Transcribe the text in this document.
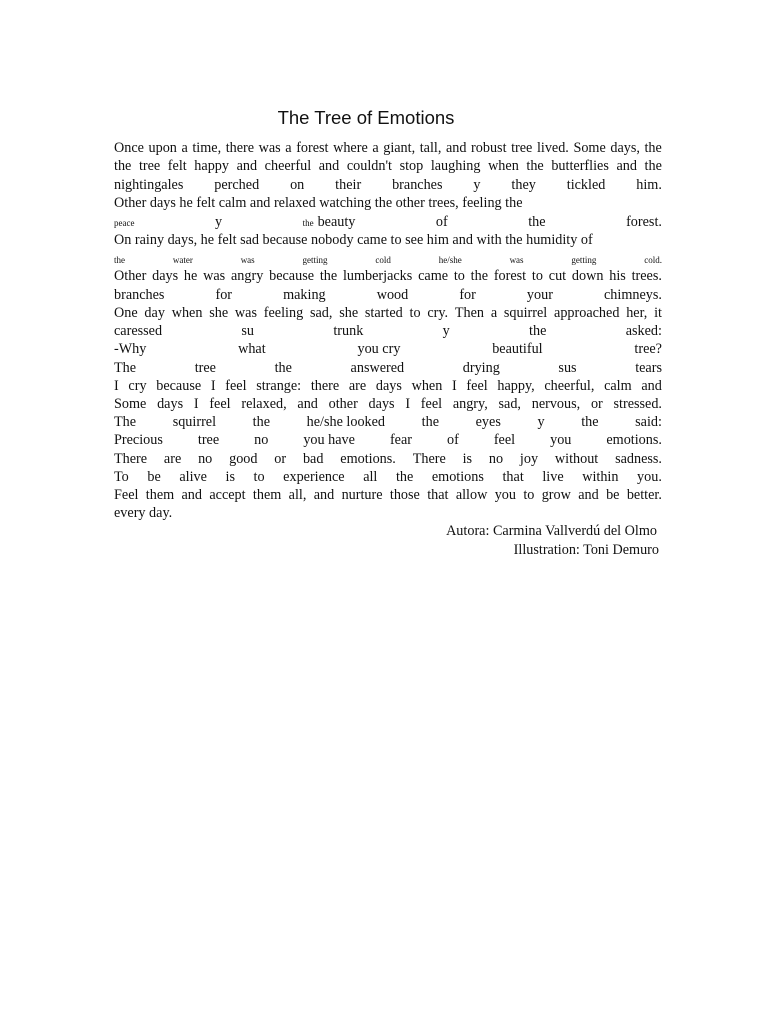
The Tree of Emotions
Once upon a time, there was a forest where a giant, tall, and robust tree lived. Some days, the
the tree felt happy and cheerful and couldn't stop laughing when the butterflies and the
nightingales perched on their branches y they tickled him.
Other days he felt calm and relaxed watching the other trees, feeling the
peace	y	the beauty	of	the	forest.
On rainy days, he felt sad because nobody came to see him and with the humidity of
the	water	was	getting	cold	he/she	was	getting	cold.
Other days he was angry because the lumberjacks came to the forest to cut down his trees.
branches	for	making	wood	for	your	chimneys.
One day when she was feeling sad, she started to cry. Then a squirrel approached her, it
caressed	su	trunk	y	the	asked:
-Why	what	you cry	beautiful	tree?
The	tree	the	answered	drying	sus	tears
I cry because I feel strange: there are days when I feel happy, cheerful, calm and
Some days I feel relaxed, and other days I feel angry, sad, nervous, or stressed.
The	squirrel	the	he/she looked	the	eyes	y	the	said:
Precious tree no you have fear of feel you emotions.
There are no good or bad emotions. There is no joy without sadness.
To be alive is to experience all the emotions that live within you.
Feel them and accept them all, and nurture those that allow you to grow and be better.
every day.
Autora: Carmina Vallverdú del Olmo
Illustration: Toni Demuro
